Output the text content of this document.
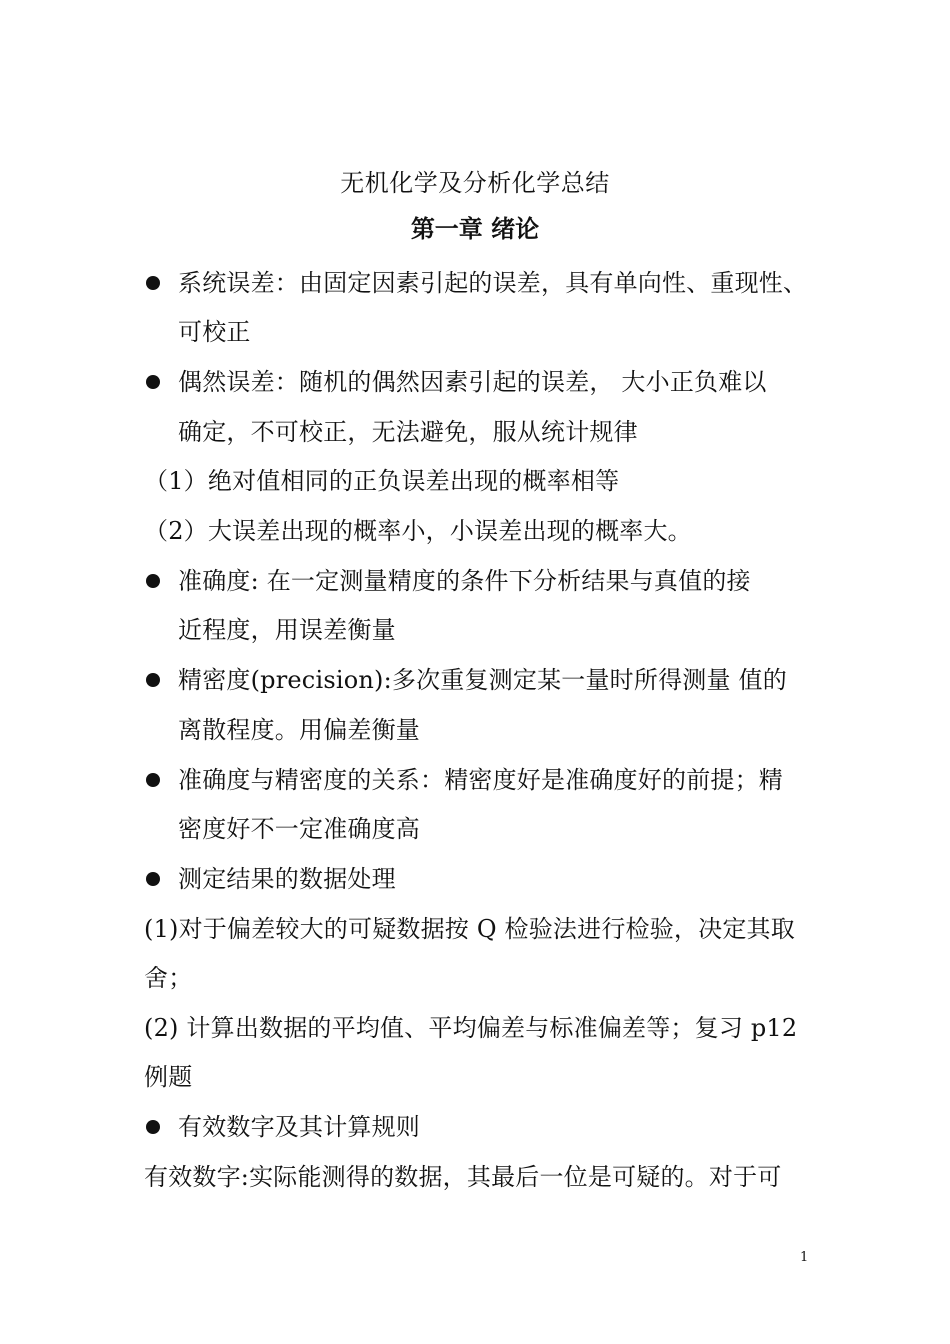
无机化学及分析化学总结
第一章 绪论
系统误差：由固定因素引起的误差，具有单向性、重现性、
可校正
偶然误差：随机的偶然因素引起的误差， 大小正负难以
确定，不可校正，无法避免，服从统计规律
（1）绝对值相同的正负误差出现的概率相等
（2）大误差出现的概率小，小误差出现的概率大。
准确度: 在一定测量精度的条件下分析结果与真值的接
近程度，用误差衡量
精密度(precision):多次重复测定某一量时所得测量 值的
离散程度。用偏差衡量
准确度与精密度的关系：精密度好是准确度好的前提；精
密度好不一定准确度高
测定结果的数据处理
(1)对于偏差较大的可疑数据按 Q 检验法进行检验，决定其取
舍；
(2) 计算出数据的平均值、平均偏差与标准偏差等；复习 p12
例题
有效数字及其计算规则
有效数字:实际能测得的数据，其最后一位是可疑的。对于可
1
